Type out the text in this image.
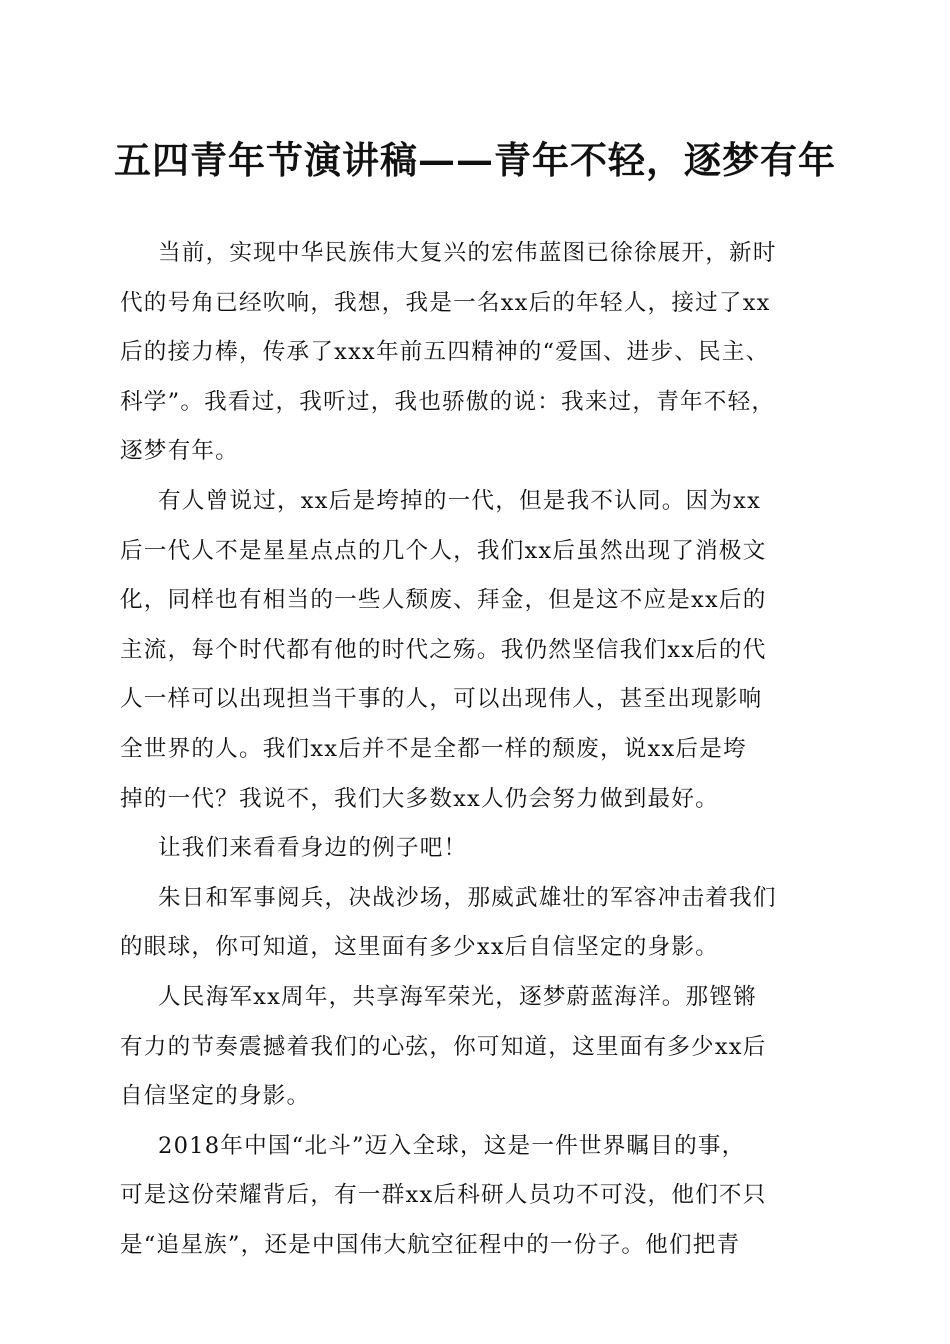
五四青年节演讲稿——青年不轻，逐梦有年
当前，实现中华民族伟大复兴的宏伟蓝图已徐徐展开，新时
代的号角已经吹响，我想，我是一名xx后的年轻人，接过了xx
后的接力棒，传承了xxx年前五四精神的“爱国、进步、民主、
科学”。我看过，我听过，我也骄傲的说：我来过，青年不轻，
逐梦有年。
有人曾说过，xx后是垮掉的一代，但是我不认同。因为xx
后一代人不是星星点点的几个人，我们xx后虽然出现了消极文
化，同样也有相当的一些人颓废、拜金，但是这不应是xx后的
主流，每个时代都有他的时代之殇。我仍然坚信我们xx后的代
人一样可以出现担当干事的人，可以出现伟人，甚至出现影响
全世界的人。我们xx后并不是全都一样的颓废，说xx后是垮
掉的一代？我说不，我们大多数xx人仍会努力做到最好。
让我们来看看身边的例子吧！
朱日和军事阅兵，决战沙场，那威武雄壮的军容冲击着我们
的眼球，你可知道，这里面有多少xx后自信坚定的身影。
人民海军xx周年，共享海军荣光，逐梦蔚蓝海洋。那铿锵
有力的节奏震撼着我们的心弦，你可知道，这里面有多少xx后
自信坚定的身影。
2018年中国“北斗”迈入全球，这是一件世界瞩目的事，
可是这份荣耀背后，有一群xx后科研人员功不可没，他们不只
是“追星族”，还是中国伟大航空征程中的一份子。他们把青
